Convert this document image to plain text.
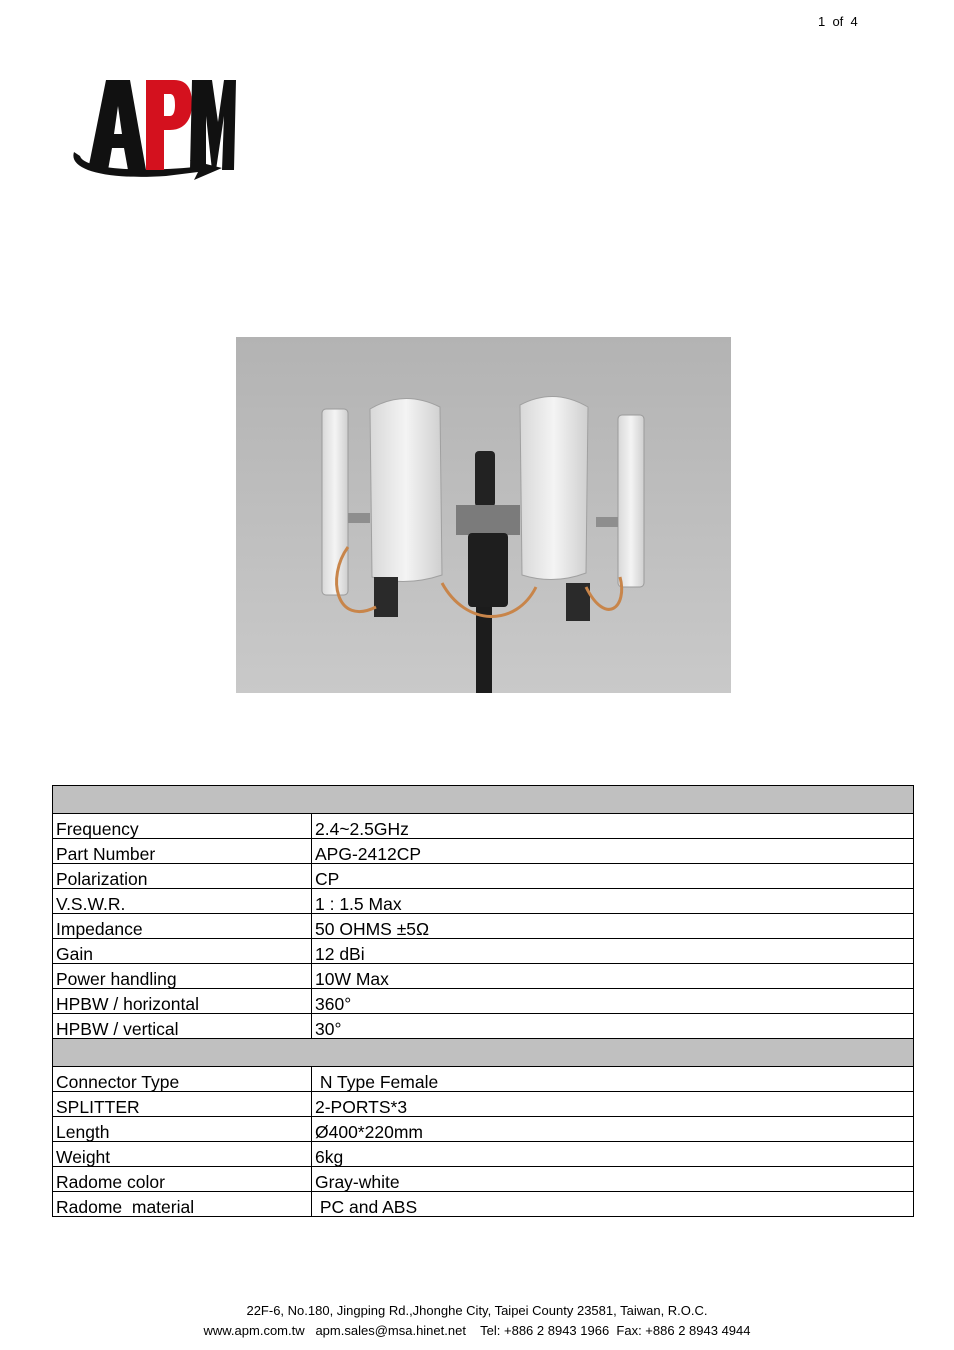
1  of  4

Frequency	2.4~2.5GHz
Part Number	APG-2412CP
Polarization	CP
V.S.W.R.	1 : 1.5 Max
Impedance	50 OHMS ±5Ω
Gain	12 dBi
Power handling	10W Max
HPBW / horizontal	360°
HPBW / vertical	30°

Connector Type	N Type Female
SPLITTER	2-PORTS*3
Length	Ø400*220mm
Weight	6kg
Radome color	Gray-white
Radome  material	PC and ABS
22F-6, No.180, Jingping Rd.,Jhonghe City, Taipei County 23581, Taiwan, R.O.C.
www.apm.com.tw   apm.sales@msa.hinet.net    Tel: +886 2 8943 1966  Fax: +886 2 8943 4944
